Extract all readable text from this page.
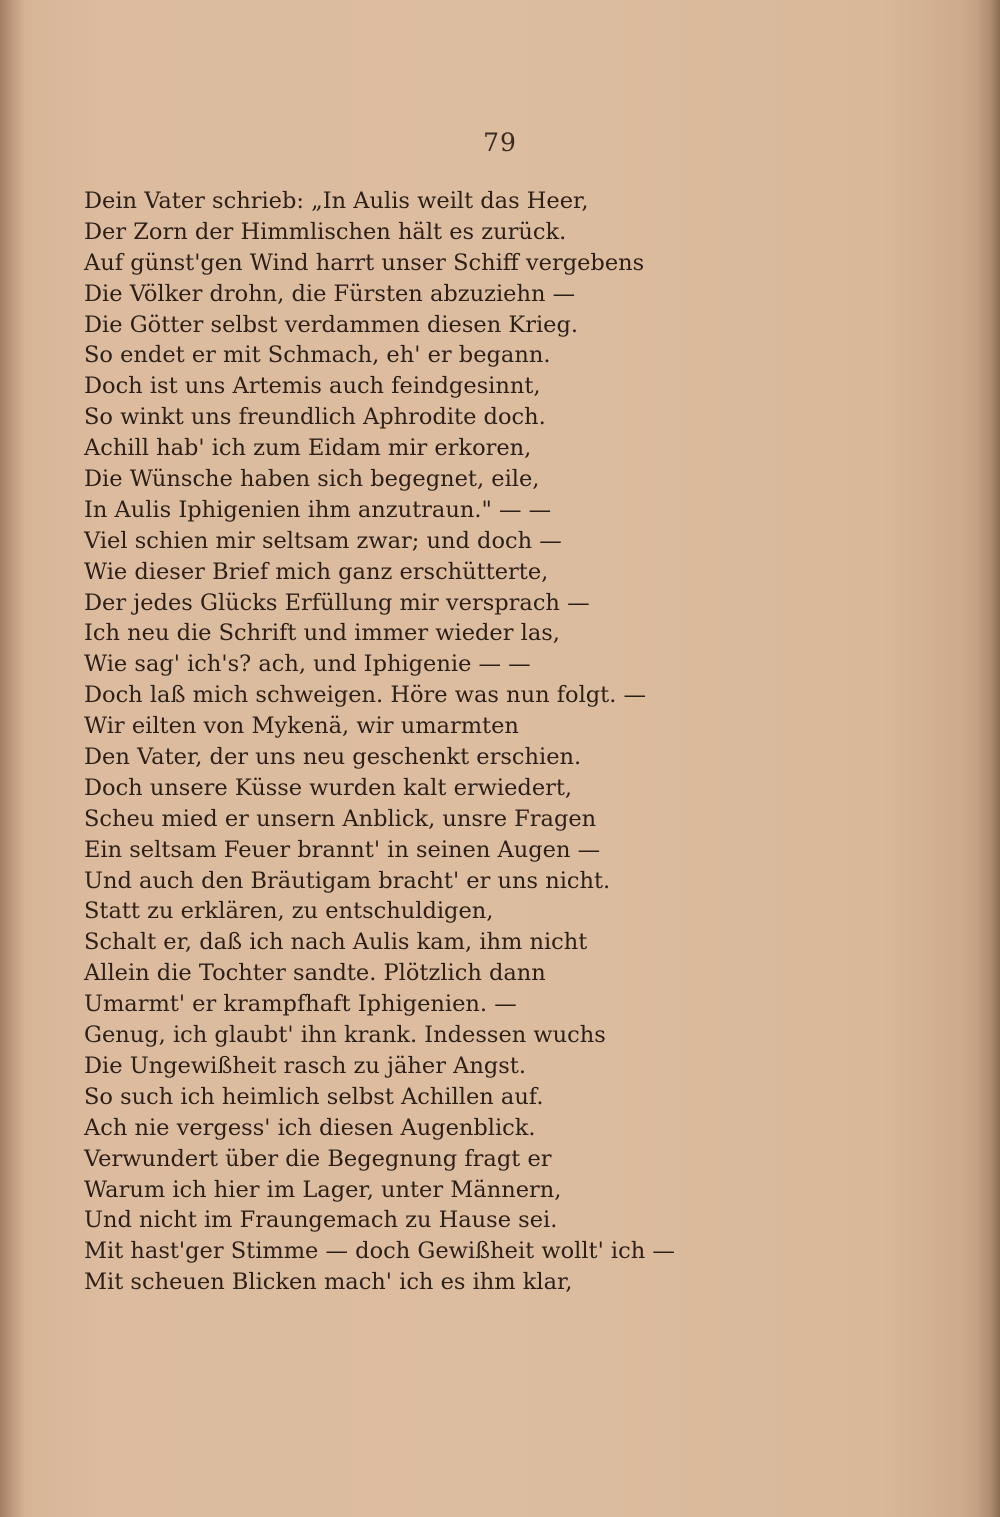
79
Dein Vater schrieb: „In Aulis weilt das Heer,
Der Zorn der Himmlischen hält es zurück.
Auf günst'gen Wind harrt unser Schiff vergebens
Die Völker drohn, die Fürsten abzuziehn —
Die Götter selbst verdammen diesen Krieg.
So endet er mit Schmach, eh' er begann.
Doch ist uns Artemis auch feindgesinnt,
So winkt uns freundlich Aphrodite doch.
Achill hab' ich zum Eidam mir erkoren,
Die Wünsche haben sich begegnet, eile,
In Aulis Iphigenien ihm anzutraun." — —
Viel schien mir seltsam zwar; und doch —
Wie dieser Brief mich ganz erschütterte,
Der jedes Glücks Erfüllung mir versprach —
Ich neu die Schrift und immer wieder las,
Wie sag' ich's? ach, und Iphigenie — —
Doch laß mich schweigen. Höre was nun folgt. —
Wir eilten von Mykenä, wir umarmten
Den Vater, der uns neu geschenkt erschien.
Doch unsere Küsse wurden kalt erwiedert,
Scheu mied er unsern Anblick, unsre Fragen
Ein seltsam Feuer brannt' in seinen Augen —
Und auch den Bräutigam bracht' er uns nicht.
Statt zu erklären, zu entschuldigen,
Schalt er, daß ich nach Aulis kam, ihm nicht
Allein die Tochter sandte. Plötzlich dann
Umarmt' er krampfhaft Iphigenien. —
Genug, ich glaubt' ihn krank. Indessen wuchs
Die Ungewißheit rasch zu jäher Angst.
So such ich heimlich selbst Achillen auf.
Ach nie vergess' ich diesen Augenblick.
Verwundert über die Begegnung fragt er
Warum ich hier im Lager, unter Männern,
Und nicht im Fraungemach zu Hause sei.
Mit hast'ger Stimme — doch Gewißheit wollt' ich —
Mit scheuen Blicken mach' ich es ihm klar,
